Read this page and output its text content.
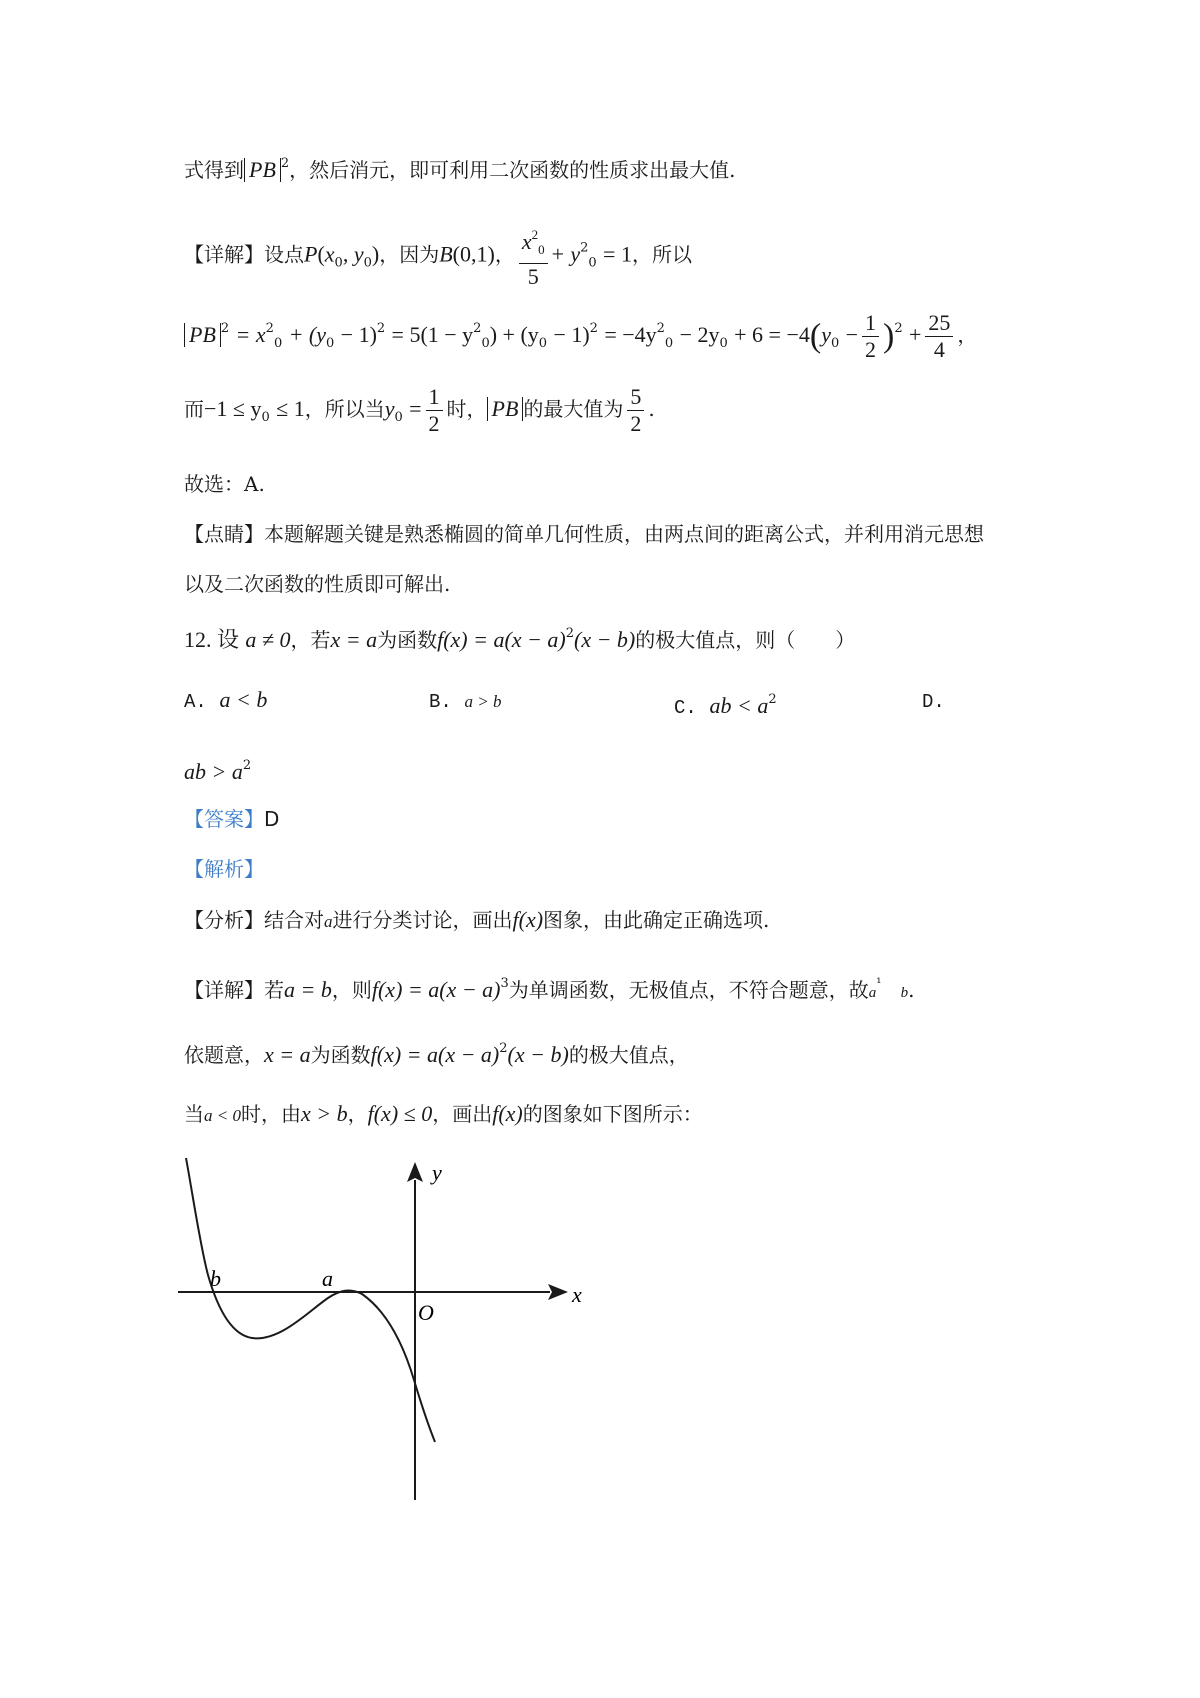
式得到 PB $^2$，然后消元，即可利用二次函数的性质求出最大值.
【详解】设点$P(x_0$, $y_0$)，因为B(0,1)， $\frac{x^2_0}{5} + y^2_0 = 1$，所以
PB $^2 = x^2_0 + (y_0 - 1)^2 = 5(1 - y^2_0) + (y_0 - 1)^2 = -4y^2_0 - 2y_0 + 6 = -4(y_0 - \frac{1}{2} )^2 + \frac{25}{4}$ ，
而$-1 \le y_0 \le 1$，所以当$y_0 = \frac{1}{2}$ 时， PB 的最大值为 $\frac{5}{2}$ .
故选：A.
【点睛】本题解题关键是熟悉椭圆的简单几何性质，由两点间的距离公式，并利用消元思想
以及二次函数的性质即可解出.
12. 设 a ≠ 0，若x = a为函数$f(x) = a(x - a)^2(x - b)$的极大值点，则（　　）
A. a < b	B. a > b	C. ab < $a^2$	D.
ab > $a^2$
【答案】D
【解析】
【分析】结合对a进行分类讨论，画出f(x)图象，由此确定正确选项.
【详解】若a = b，则$f(x) = a(x - a)^3$为单调函数，无极值点，不符合题意，故$a^{^1}$   b.
依题意，x = a为函数$f(x) = a(x - a)^2(x - b)$的极大值点，
当a < 0时，由x > b，f(x) ≤ 0，画出f(x)的图象如下图所示：
y
x
O
b	a
